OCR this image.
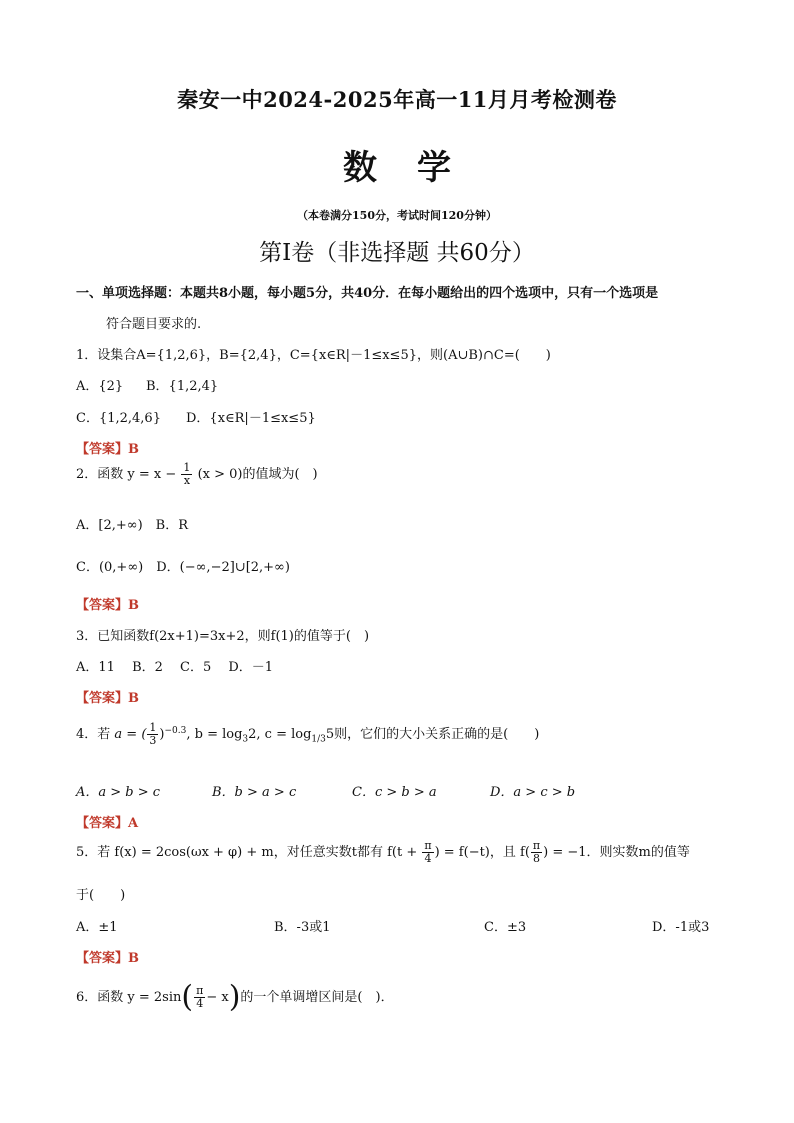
秦安一中2024-2025年高一11月月考检测卷
数学
（本卷满分150分，考试时间120分钟）
第I卷（非选择题 共60分）
一、单项选择题：本题共8小题，每小题5分，共40分．在每小题给出的四个选项中，只有一个选项是
符合题目要求的.
1．设集合A={1,2,6}，B={2,4}，C={x∈R|－1≤x≤5}，则(A∪B)∩C=(　　)
A．{2} B．{1,2,4}
C．{1,2,4,6} D．{x∈R|－1≤x≤5}
【答案】B
2．函数 $y = x - \frac{1}{x} (x > 0)$的值域为(　)
A．[2,+∞)　B．R
C．(0,+∞)　D．(−∞,−2]∪[2,+∞)
【答案】B
3．已知函数f(2x+1)=3x+2，则f(1)的值等于(　)
A．11　 B．2　 C．5　 D．－1
【答案】B
4．若 a = ( $\frac{1}{3} )^{-0.3}$, $b = \log_32$, $c = \log_{1/3}5$则，它们的大小关系正确的是(　　)
A．a > b > c	B．b > a > c	C．c > b > a	D．a > c > b
【答案】A
5．若 f(x) = 2cos(ωx + φ) + m，对任意实数t都有 $f(t + \frac{\pi}{4}$ ) = f(−t)，且 $f( \frac{\pi}{8}$ ) = −1．则实数m的值等
于(　　)
A．±1	B．-3或1	C．±3	D．-1或3
【答案】B
6．函数 $y = 2\sin( \frac{\pi}{4} - x)$的一个单调增区间是(　)．
